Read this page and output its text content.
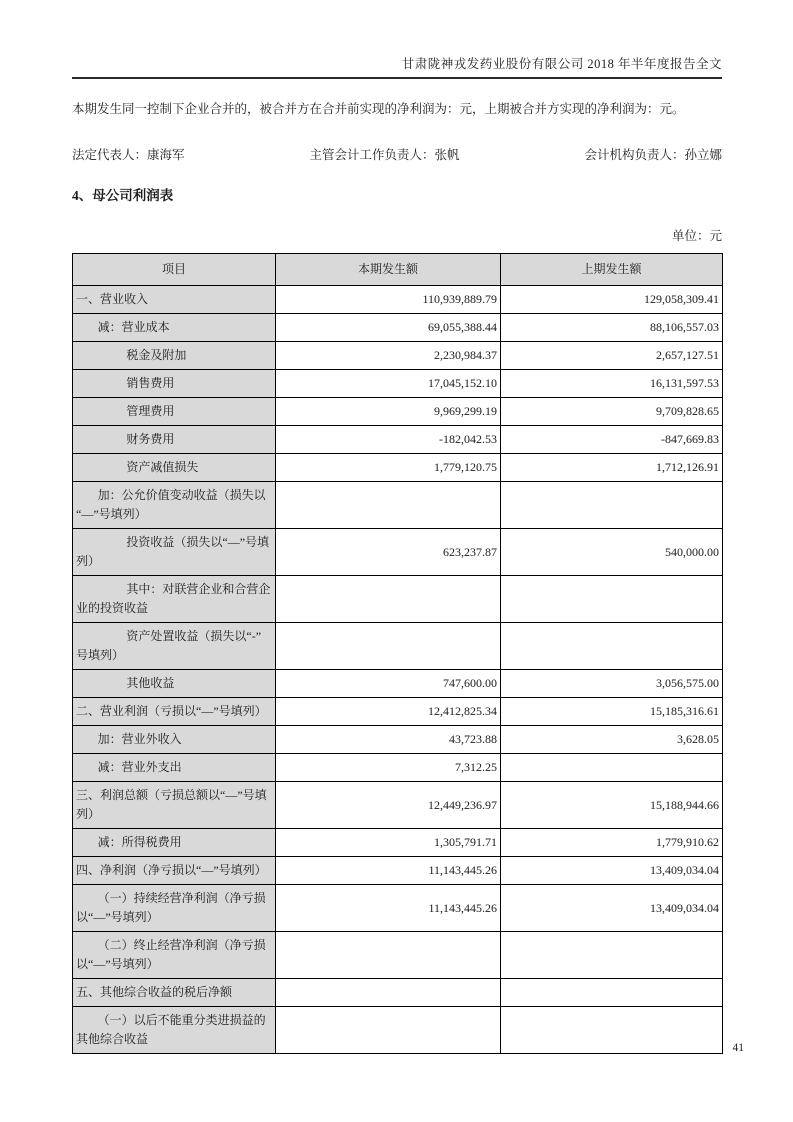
甘肃陇神戎发药业股份有限公司 2018 年半年度报告全文

本期发生同一控制下企业合并的，被合并方在合并前实现的净利润为：元，上期被合并方实现的净利润为：元。

法定代表人：康海军	主管会计工作负责人：张帆	会计机构负责人：孙立娜
4、母公司利润表
单位：元
项目	本期发生额	上期发生额
一、营业收入	110,939,889.79	129,058,309.41
减：营业成本	69,055,388.44	88,106,557.03
税金及附加	2,230,984.37	2,657,127.51
销售费用	17,045,152.10	16,131,597.53
管理费用	9,969,299.19	9,709,828.65
财务费用	-182,042.53	-847,669.83
资产减值损失	1,779,120.75	1,712,126.91
加：公允价值变动收益（损失以“—”号填列）		
投资收益（损失以“—”号填列）	623,237.87	540,000.00
其中：对联营企业和合营企业的投资收益		
资产处置收益（损失以“-”号填列）		
其他收益	747,600.00	3,056,575.00
二、营业利润（亏损以“—”号填列）	12,412,825.34	15,185,316.61
加：营业外收入	43,723.88	3,628.05
减：营业外支出	7,312.25	
三、利润总额（亏损总额以“—”号填列）	12,449,236.97	15,188,944.66
减：所得税费用	1,305,791.71	1,779,910.62
四、净利润（净亏损以“—”号填列）	11,143,445.26	13,409,034.04
（一）持续经营净利润（净亏损以“—”号填列）	11,143,445.26	13,409,034.04
（二）终止经营净利润（净亏损以“—”号填列）		
五、其他综合收益的税后净额		
（一）以后不能重分类进损益的其他综合收益		
41
